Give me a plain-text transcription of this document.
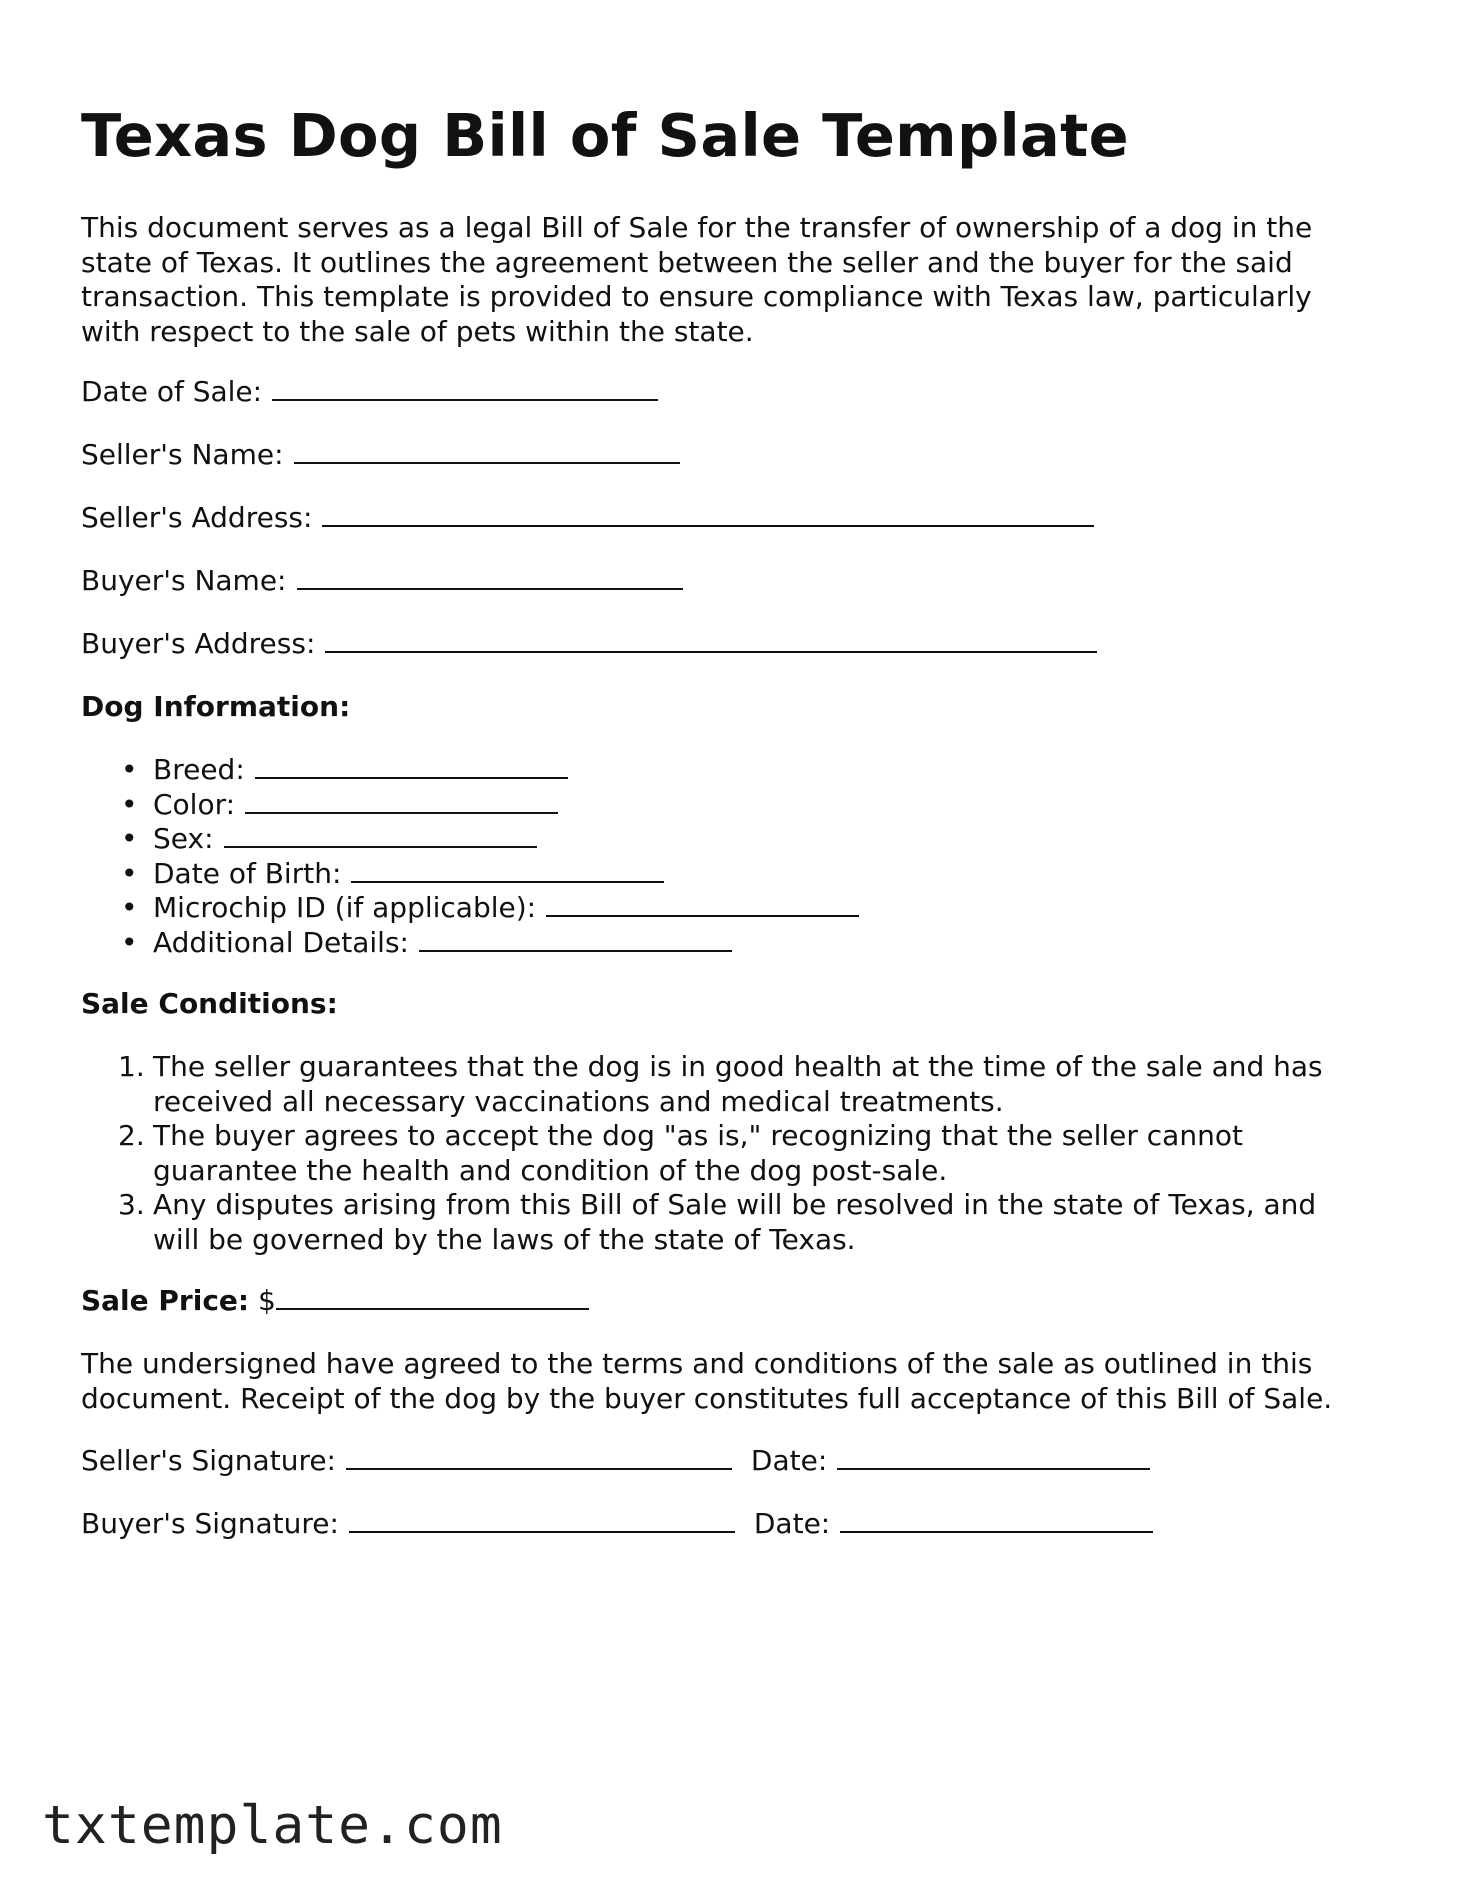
Texas Dog Bill of Sale Template

This document serves as a legal Bill of Sale for the transfer of ownership of a dog in the
state of Texas. It outlines the agreement between the seller and the buyer for the said
transaction. This template is provided to ensure compliance with Texas law, particularly
with respect to the sale of pets within the state.

Date of Sale:

Seller's Name:

Seller's Address:

Buyer's Name:

Buyer's Address:

Dog Information:

• Breed:
• Color:
• Sex:
• Date of Birth:
• Microchip ID (if applicable):
• Additional Details:

Sale Conditions:

1. The seller guarantees that the dog is in good health at the time of the sale and has
received all necessary vaccinations and medical treatments.
2. The buyer agrees to accept the dog "as is," recognizing that the seller cannot
guarantee the health and condition of the dog post-sale.
3. Any disputes arising from this Bill of Sale will be resolved in the state of Texas, and
will be governed by the laws of the state of Texas.

Sale Price: $

The undersigned have agreed to the terms and conditions of the sale as outlined in this
document. Receipt of the dog by the buyer constitutes full acceptance of this Bill of Sale.

Seller's Signature:	Date:

Buyer's Signature:	Date:

txtemplate.com
